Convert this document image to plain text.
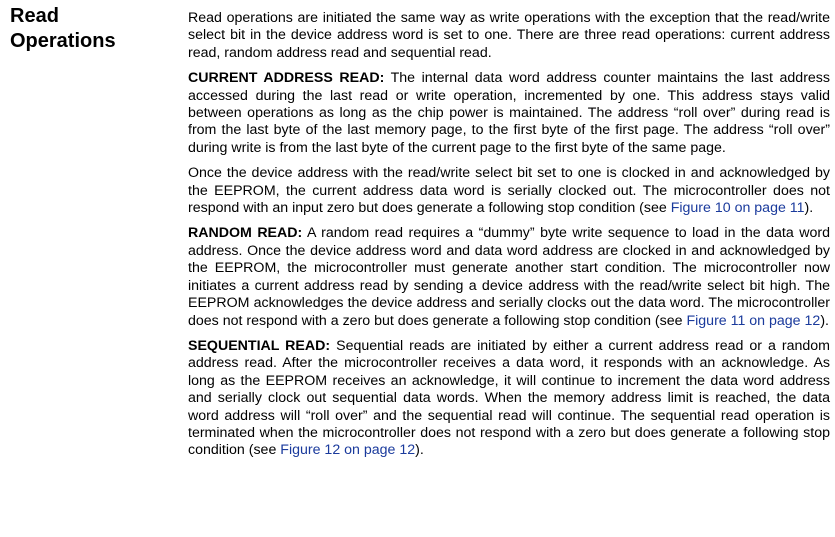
Read
Operations

Read operations are initiated the same way as write operations with the exception that the read/write select bit in the device address word is set to one. There are three read operations: current address read, random address read and sequential read.

CURRENT ADDRESS READ: The internal data word address counter maintains the last address accessed during the last read or write operation, incremented by one. This address stays valid between operations as long as the chip power is maintained. The address “roll over” during read is from the last byte of the last memory page, to the first byte of the first page. The address “roll over” during write is from the last byte of the current page to the first byte of the same page.

Once the device address with the read/write select bit set to one is clocked in and acknowledged by the EEPROM, the current address data word is serially clocked out. The microcontroller does not respond with an input zero but does generate a following stop condition (see Figure 10 on page 11).

RANDOM READ: A random read requires a “dummy” byte write sequence to load in the data word address. Once the device address word and data word address are clocked in and acknowledged by the EEPROM, the microcontroller must generate another start condition. The microcontroller now initiates a current address read by sending a device address with the read/write select bit high. The EEPROM acknowledges the device address and serially clocks out the data word. The microcontroller does not respond with a zero but does generate a following stop condition (see Figure 11 on page 12).

SEQUENTIAL READ: Sequential reads are initiated by either a current address read or a random address read. After the microcontroller receives a data word, it responds with an acknowledge. As long as the EEPROM receives an acknowledge, it will continue to increment the data word address and serially clock out sequential data words. When the memory address limit is reached, the data word address will “roll over” and the sequential read will continue. The sequential read operation is terminated when the microcontroller does not respond with a zero but does generate a following stop condition (see Figure 12 on page 12).
